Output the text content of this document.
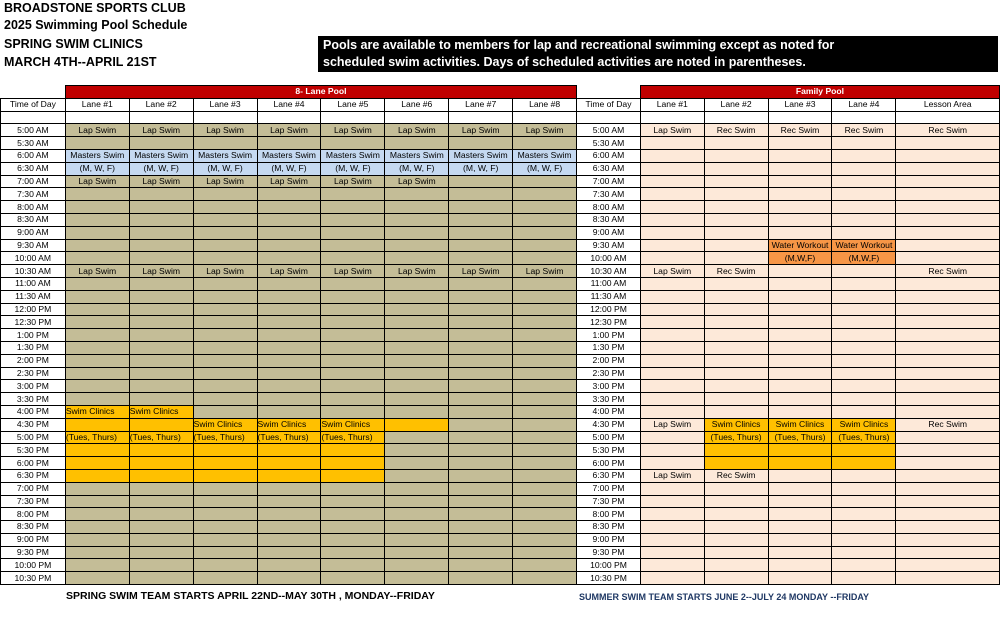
BROADSTONE SPORTS CLUB
2025 Swimming Pool Schedule
SPRING SWIM CLINICS
MARCH 4TH--APRIL 21ST
Pools are available to members for lap and recreational swimming except as noted for
scheduled swim activities. Days of scheduled activities are noted in parentheses.
	8- Lane Pool									Family Pool				
Time of Day	Lane #1	Lane #2	Lane #3	Lane #4	Lane #5	Lane #6	Lane #7	Lane #8	Time of Day	Lane #1	Lane #2	Lane #3	Lane #4	Lesson Area

5:00 AM	Lap Swim	Lap Swim	Lap Swim	Lap Swim	Lap Swim	Lap Swim	Lap Swim	Lap Swim	5:00 AM	Lap Swim	Rec Swim	Rec Swim	Rec Swim	Rec Swim
5:30 AM									5:30 AM					
6:00 AM	Masters Swim	Masters Swim	Masters Swim	Masters Swim	Masters Swim	Masters Swim	Masters Swim	Masters Swim	6:00 AM					
6:30 AM	(M, W, F)	(M, W, F)	(M, W, F)	(M, W, F)	(M, W, F)	(M, W, F)	(M, W, F)	(M, W, F)	6:30 AM					
7:00 AM	Lap Swim	Lap Swim	Lap Swim	Lap Swim	Lap Swim	Lap Swim			7:00 AM					
7:30 AM									7:30 AM					
8:00 AM									8:00 AM					
8:30 AM									8:30 AM					
9:00 AM									9:00 AM					
9:30 AM									9:30 AM			Water Workout	Water Workout	
10:00 AM									10:00 AM			(M,W,F)	(M,W,F)	
10:30 AM	Lap Swim	Lap Swim	Lap Swim	Lap Swim	Lap Swim	Lap Swim	Lap Swim	Lap Swim	10:30 AM	Lap Swim	Rec Swim			Rec Swim
11:00 AM									11:00 AM					
11:30 AM									11:30 AM					
12:00 PM									12:00 PM					
12:30 PM									12:30 PM					
1:00 PM									1:00 PM					
1:30 PM									1:30 PM					
2:00 PM									2:00 PM					
2:30 PM									2:30 PM					
3:00 PM									3:00 PM					
3:30 PM									3:30 PM					
4:00 PM	Swim Clinics	Swim Clinics							4:00 PM					
4:30 PM			Swim Clinics	Swim Clinics	Swim Clinics				4:30 PM	Lap Swim	Swim Clinics	Swim Clinics	Swim Clinics	Rec Swim
5:00 PM	(Tues, Thurs)	(Tues, Thurs)	(Tues, Thurs)	(Tues, Thurs)	(Tues, Thurs)				5:00 PM		(Tues, Thurs)	(Tues, Thurs)	(Tues, Thurs)	
5:30 PM									5:30 PM					
6:00 PM									6:00 PM					
6:30 PM									6:30 PM	Lap Swim	Rec Swim			
7:00 PM									7:00 PM					
7:30 PM									7:30 PM					
8:00 PM									8:00 PM					
8:30 PM									8:30 PM					
9:00 PM									9:00 PM					
9:30 PM									9:30 PM					
10:00 PM									10:00 PM					
10:30 PM									10:30 PM					
SPRING SWIM TEAM STARTS APRIL 22ND--MAY 30TH , MONDAY--FRIDAY	SUMMER SWIM TEAM STARTS JUNE 2--JULY 24 MONDAY --FRIDAY
